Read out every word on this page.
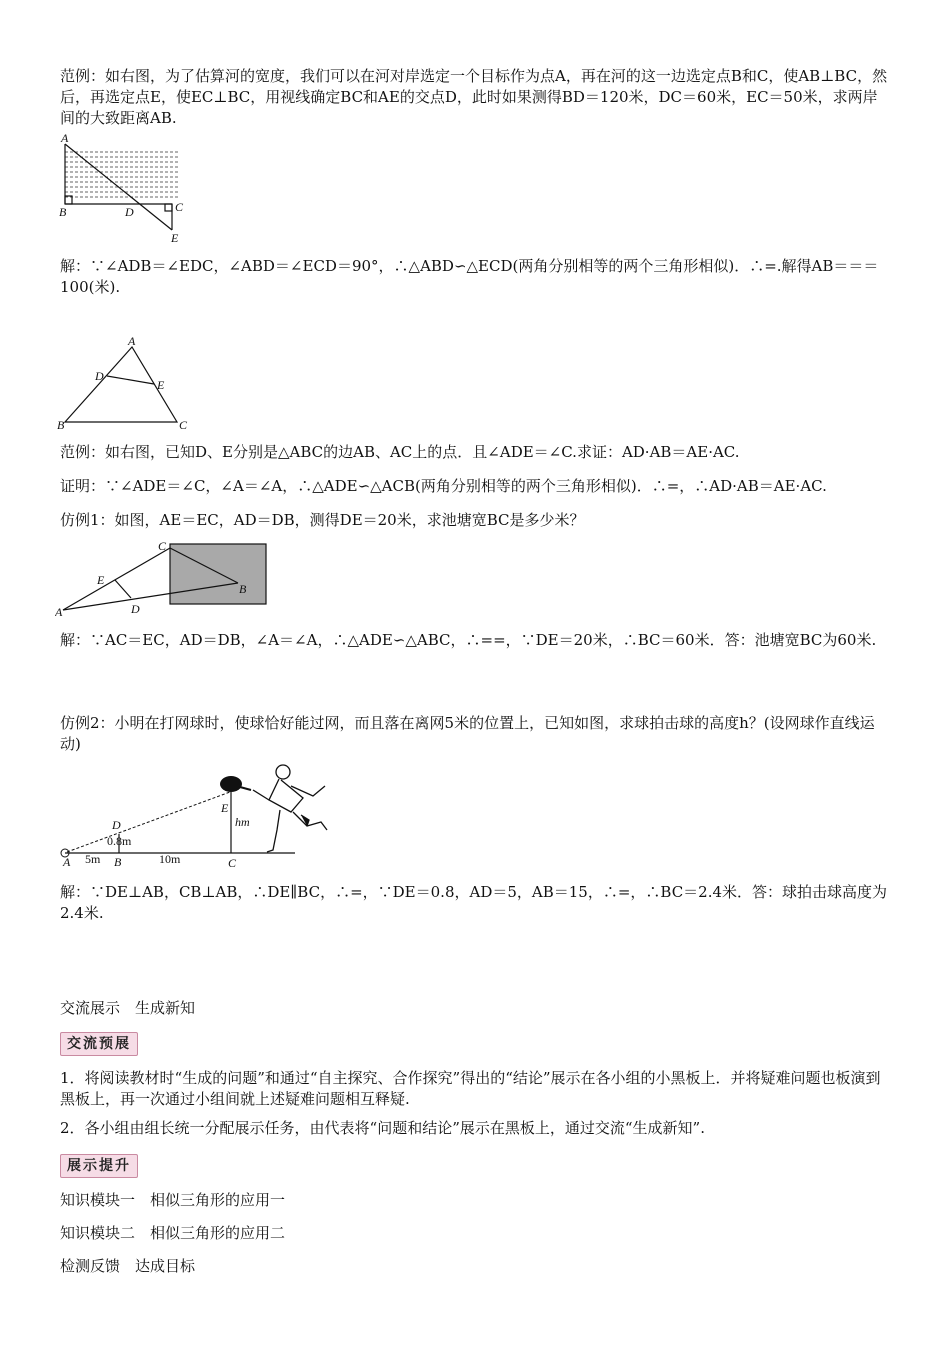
范例：如右图，为了估算河的宽度，我们可以在河对岸选定一个目标作为点A，再在河的这一边选定点B和C，使AB⊥BC，然后，再选定点E，使EC⊥BC，用视线确定BC和AE的交点D，此时如果测得BD＝120米，DC＝60米，EC＝50米，求两岸间的大致距离AB.

A
B	D	C
E

解：∵∠ADB＝∠EDC，∠ABD＝∠ECD＝90°，∴△ABD∽△ECD(两角分别相等的两个三角形相似)．∴=.解得AB＝＝＝100(米).

A
D
E
B	C

范例：如右图，已知D、E分别是△ABC的边AB、AC上的点．且∠ADE＝∠C.求证：AD·AB＝AE·AC.

证明：∵∠ADE＝∠C，∠A＝∠A，∴△ADE∽△ACB(两角分别相等的两个三角形相似)．∴=，∴AD·AB＝AE·AC.

仿例1：如图，AE＝EC，AD＝DB，测得DE＝20米，求池塘宽BC是多少米？

C
E
D
A
B

解：∵AC＝EC，AD＝DB，∠A＝∠A，∴△ADE∽△ABC，∴==，∵DE＝20米，∴BC＝60米．答：池塘宽BC为60米.

仿例2：小明在打网球时，使球恰好能过网，而且落在离网5米的位置上，已知如图，求球拍击球的高度h？(设网球作直线运动)

D
0.8m
E
hm
A 5m B	10m	C

解：∵DE⊥AB，CB⊥AB，∴DE∥BC，∴=，∵DE＝0.8，AD＝5，AB＝15，∴=，∴BC＝2.4米．答：球拍击球高度为2.4米.

交流展示　生成新知

交流预展

1．将阅读教材时“生成的问题”和通过“自主探究、合作探究”得出的“结论”展示在各小组的小黑板上．并将疑难问题也板演到黑板上，再一次通过小组间就上述疑难问题相互释疑.

2．各小组由组长统一分配展示任务，由代表将“问题和结论”展示在黑板上，通过交流“生成新知”.

展示提升

知识模块一　相似三角形的应用一

知识模块二　相似三角形的应用二

检测反馈　达成目标
